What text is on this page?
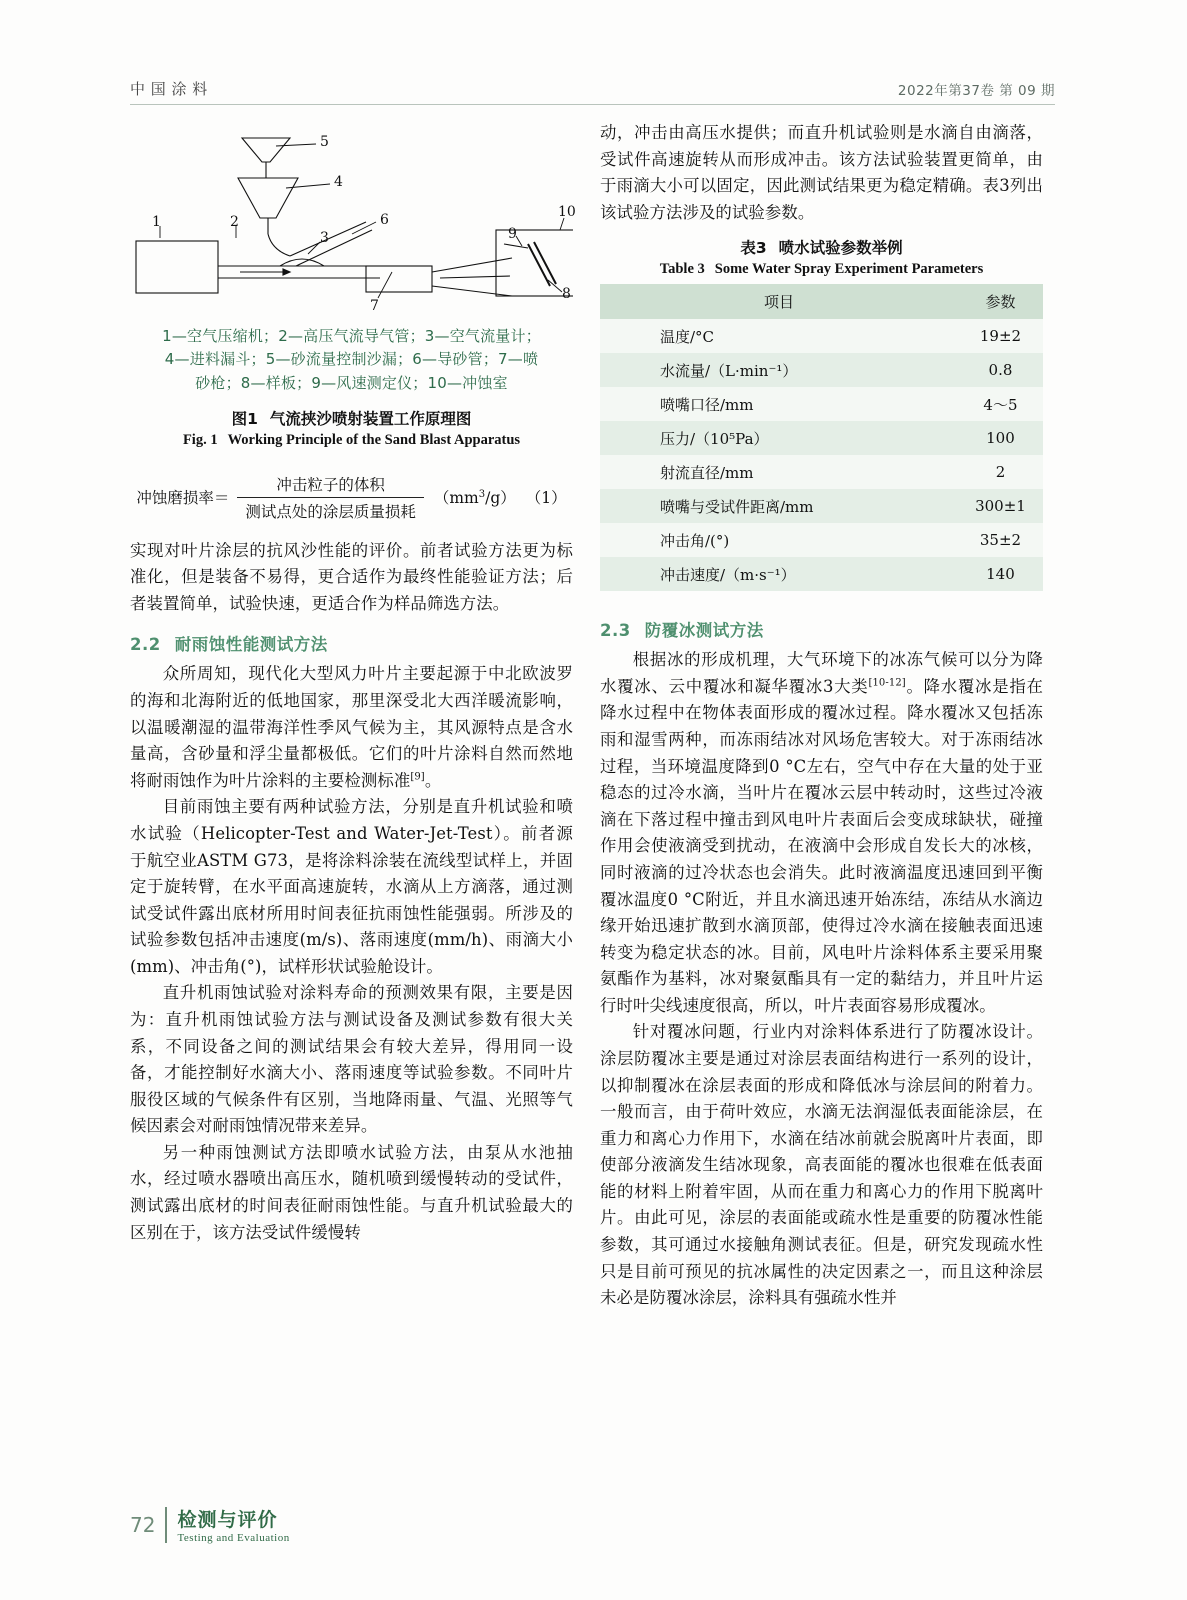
中 国 涂 料	2022年第37卷 第 09 期
1	2
3
4
5
6
7
8
9
10
1—空气压缩机；2—高压气流导气管；3—空气流量计；
4—进料漏斗；5—砂流量控制沙漏；6—导砂管；7—喷
砂枪；8—样板；9—风速测定仪；10—冲蚀室
图1 气流挟沙喷射装置工作原理图
Fig. 1 Working Principle of the Sand Blast Apparatus
冲蚀磨损率＝ $\frac{\text{冲击粒子的体积}}{\text{测试点处的涂层质量损耗}} (mm^3/g)$ （1）

实现对叶片涂层的抗风沙性能的评价。前者试验方法更为标准化，但是装备不易得，更合适作为最终性能验证方法；后者装置简单，试验快速，更适合作为样品筛选方法。

2.2 耐雨蚀性能测试方法

众所周知，现代化大型风力叶片主要起源于中北欧波罗的海和北海附近的低地国家，那里深受北大西洋暖流影响，以温暖潮湿的温带海洋性季风气候为主，其风源特点是含水量高，含砂量和浮尘量都极低。它们的叶片涂料自然而然地将耐雨蚀作为叶片涂料的主要检测标准[9]。

目前雨蚀主要有两种试验方法，分别是直升机试验和喷水试验（Helicopter-Test and Water-Jet-Test）。前者源于航空业ASTM G73，是将涂料涂装在流线型试样上，并固定于旋转臂，在水平面高速旋转，水滴从上方滴落，通过测试受试件露出底材所用时间表征抗雨蚀性能强弱。所涉及的试验参数包括冲击速度(m/s)、落雨速度(mm/h)、雨滴大小(mm)、冲击角(°)，试样形状试验舱设计。

直升机雨蚀试验对涂料寿命的预测效果有限，主要是因为：直升机雨蚀试验方法与测试设备及测试参数有很大关系，不同设备之间的测试结果会有较大差异，得用同一设备，才能控制好水滴大小、落雨速度等试验参数。不同叶片服役区域的气候条件有区别，当地降雨量、气温、光照等气候因素会对耐雨蚀情况带来差异。

另一种雨蚀测试方法即喷水试验方法，由泵从水池抽水，经过喷水器喷出高压水，随机喷到缓慢转动的受试件，测试露出底材的时间表征耐雨蚀性能。与直升机试验最大的区别在于，该方法受试件缓慢转

动，冲击由高压水提供；而直升机试验则是水滴自由滴落，受试件高速旋转从而形成冲击。该方法试验装置更简单，由于雨滴大小可以固定，因此测试结果更为稳定精确。表3列出该试验方法涉及的试验参数。

表3 喷水试验参数举例
Table 3 Some Water Spray Experiment Parameters
项目	参数
温度/°C	19±2
水流量/（L·min⁻¹）	0.8
喷嘴口径/mm	4～5
压力/（10⁵Pa）	100
射流直径/mm	2
喷嘴与受试件距离/mm	300±1
冲击角/(°)	35±2
冲击速度/（m·s⁻¹）	140
2.3 防覆冰测试方法

根据冰的形成机理，大气环境下的冰冻气候可以分为降水覆冰、云中覆冰和凝华覆冰3大类[10-12]。降水覆冰是指在降水过程中在物体表面形成的覆冰过程。降水覆冰又包括冻雨和湿雪两种，而冻雨结冰对风场危害较大。对于冻雨结冰过程，当环境温度降到0 °C左右，空气中存在大量的处于亚稳态的过冷水滴，当叶片在覆冰云层中转动时，这些过冷液滴在下落过程中撞击到风电叶片表面后会变成球缺状，碰撞作用会使液滴受到扰动，在液滴中会形成自发长大的冰核，同时液滴的过冷状态也会消失。此时液滴温度迅速回到平衡覆冰温度0 °C附近，并且水滴迅速开始冻结，冻结从水滴边缘开始迅速扩散到水滴顶部，使得过冷水滴在接触表面迅速转变为稳定状态的冰。目前，风电叶片涂料体系主要采用聚氨酯作为基料，冰对聚氨酯具有一定的黏结力，并且叶片运行时叶尖线速度很高，所以，叶片表面容易形成覆冰。

针对覆冰问题，行业内对涂料体系进行了防覆冰设计。涂层防覆冰主要是通过对涂层表面结构进行一系列的设计，以抑制覆冰在涂层表面的形成和降低冰与涂层间的附着力。一般而言，由于荷叶效应，水滴无法润湿低表面能涂层，在重力和离心力作用下，水滴在结冰前就会脱离叶片表面，即使部分液滴发生结冰现象，高表面能的覆冰也很难在低表面能的材料上附着牢固，从而在重力和离心力的作用下脱离叶片。由此可见，涂层的表面能或疏水性是重要的防覆冰性能参数，其可通过水接触角测试表征。但是，研究发现疏水性只是目前可预见的抗冰属性的决定因素之一，而且这种涂层未必是防覆冰涂层，涂料具有强疏水性并

72 检测与评价
Testing and Evaluation
